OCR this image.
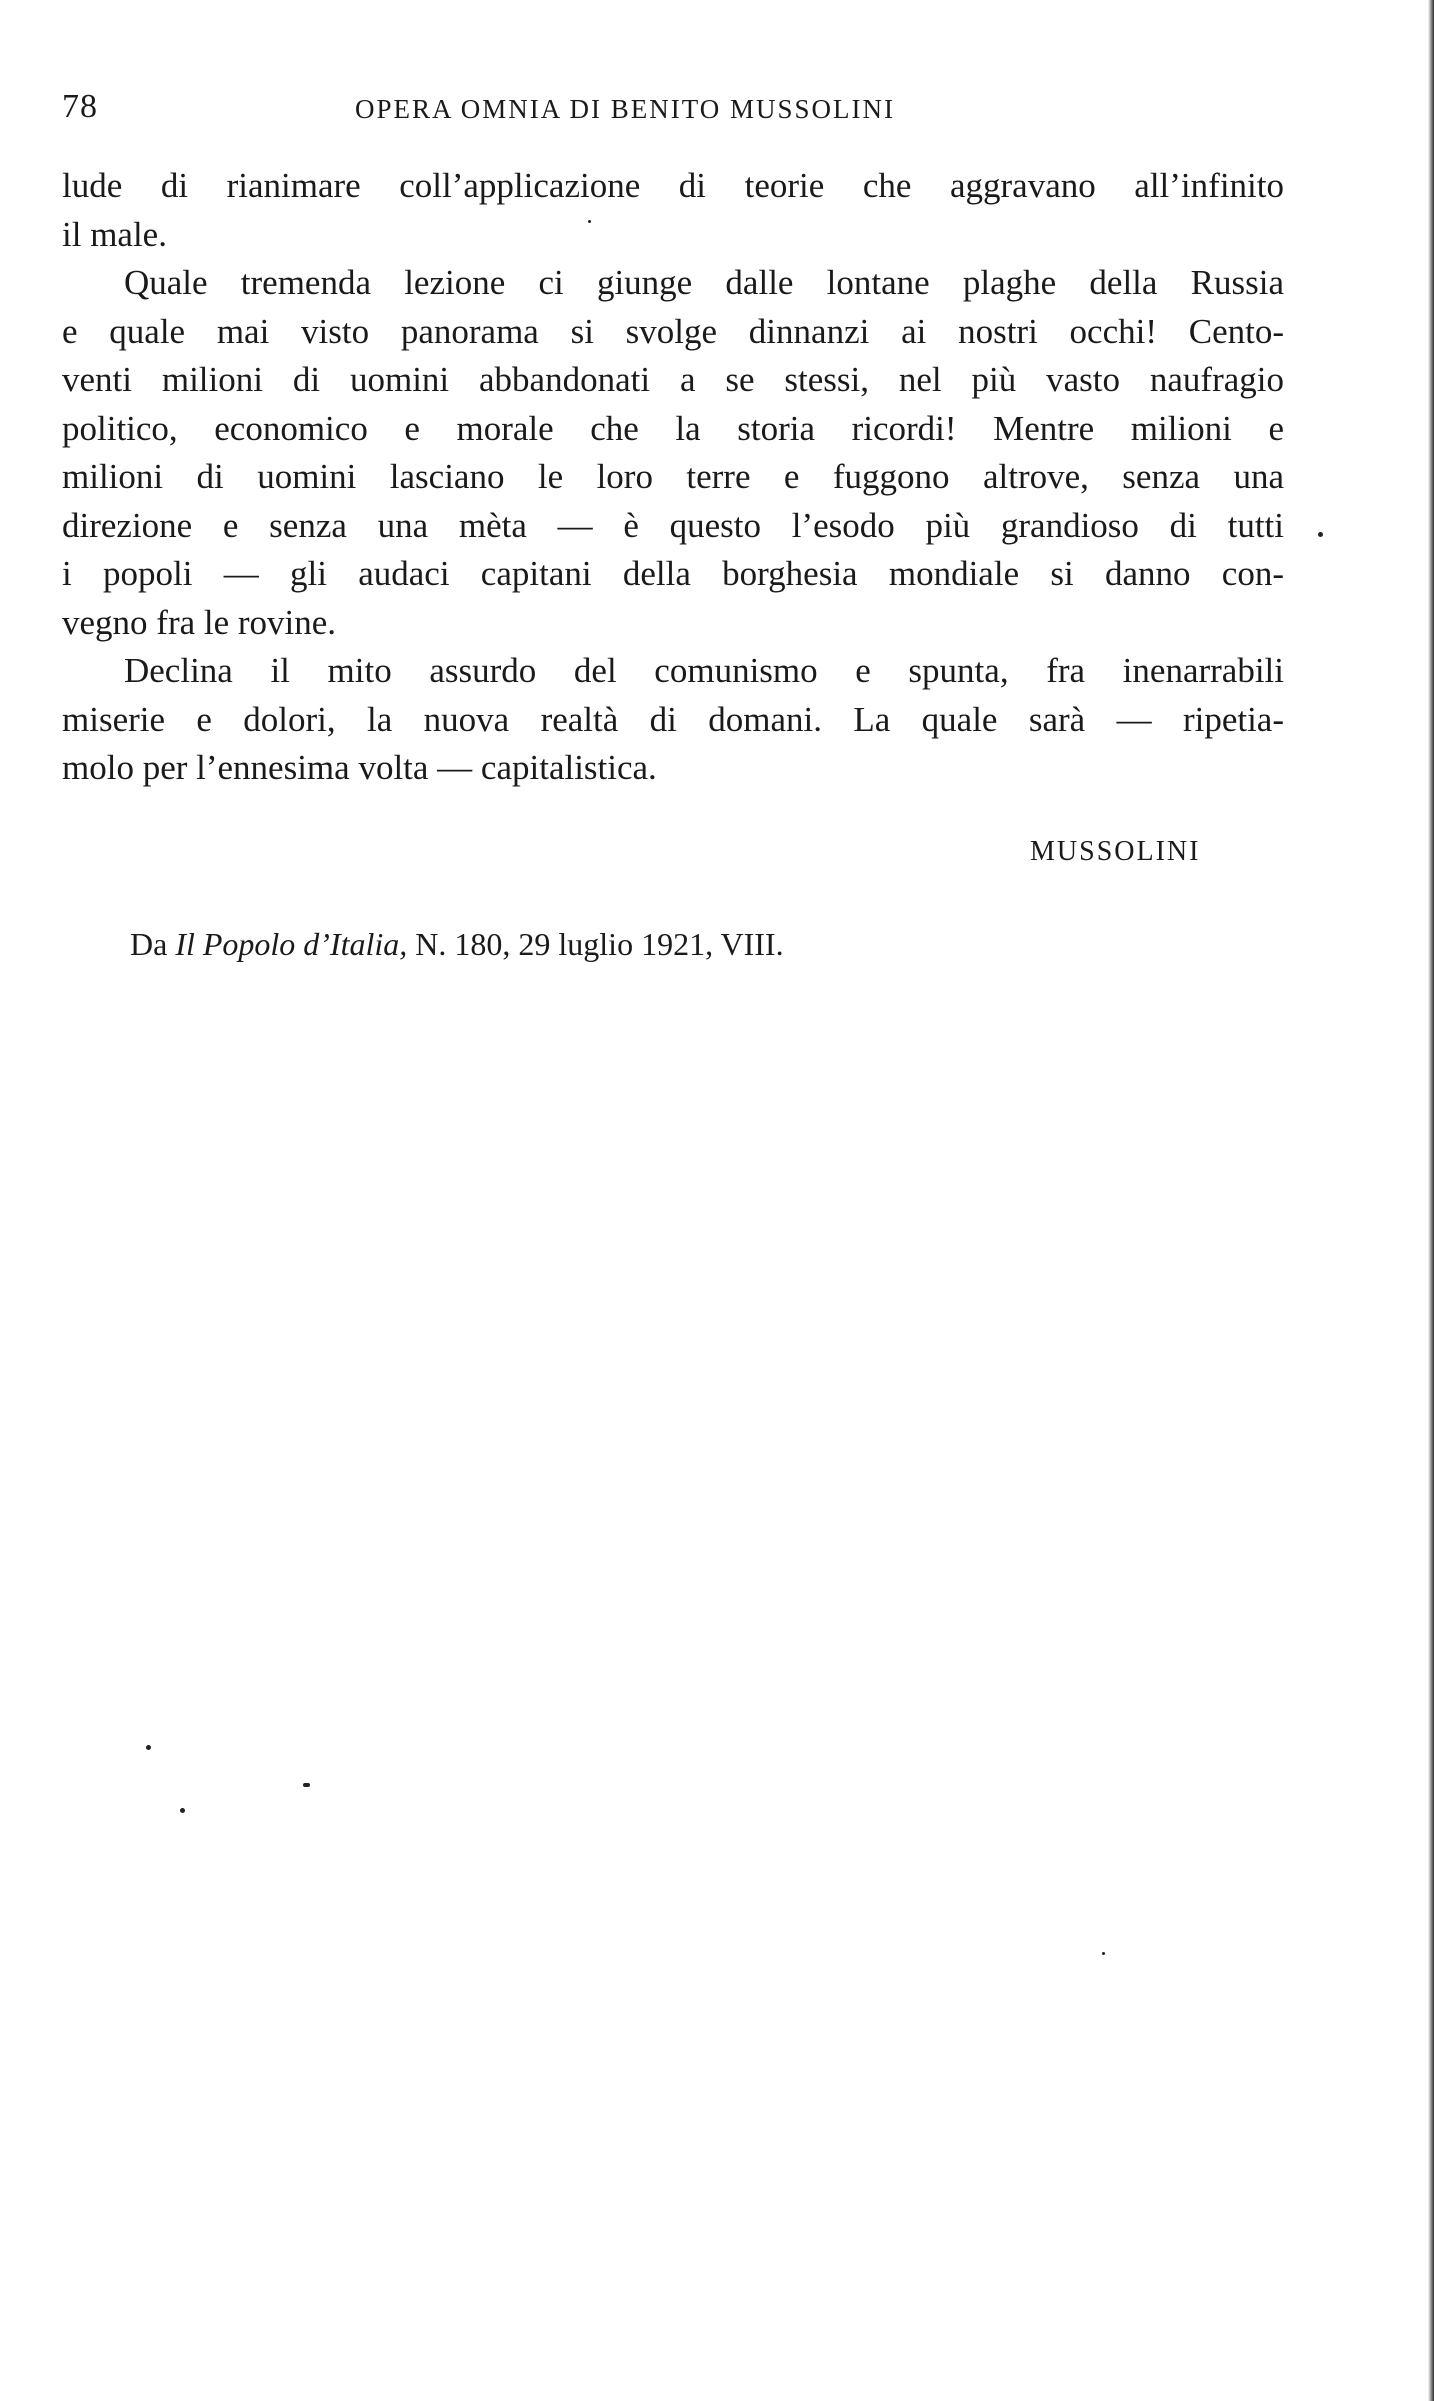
78	OPERA OMNIA DI BENITO MUSSOLINI
lude di rianimare coll’applicazione di teorie che aggravano all’infinito
il male.
Quale tremenda lezione ci giunge dalle lontane plaghe della Russia
e quale mai visto panorama si svolge dinnanzi ai nostri occhi! Cento-
venti milioni di uomini abbandonati a se stessi, nel più vasto naufragio
politico, economico e morale che la storia ricordi! Mentre milioni e
milioni di uomini lasciano le loro terre e fuggono altrove, senza una
direzione e senza una mèta — è questo l’esodo più grandioso di tutti
i popoli — gli audaci capitani della borghesia mondiale si danno con-
vegno fra le rovine.
Declina il mito assurdo del comunismo e spunta, fra inenarrabili
miserie e dolori, la nuova realtà di domani. La quale sarà — ripetia-
molo per l’ennesima volta — capitalistica.
MUSSOLINI
Da Il Popolo d’Italia, N. 180, 29 luglio 1921, VIII.
